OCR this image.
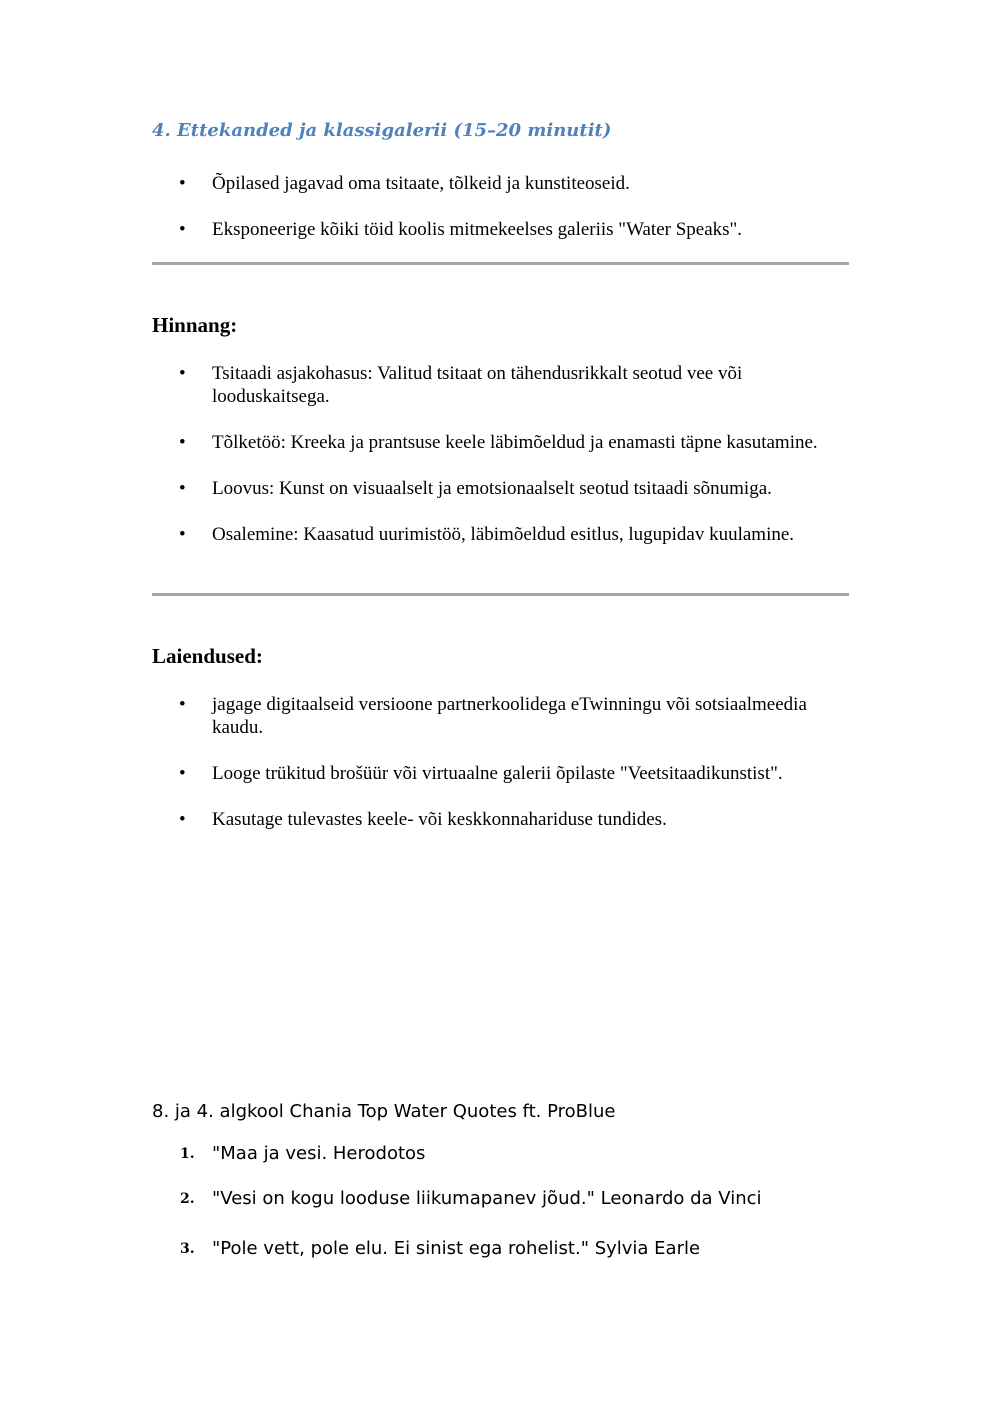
4. Ettekanded ja klassigalerii (15–20 minutit)
• Õpilased jagavad oma tsitaate, tõlkeid ja kunstiteoseid.
• Eksponeerige kõiki töid koolis mitmekeelses galeriis "Water Speaks".
Hinnang:
• Tsitaadi asjakohasus: Valitud tsitaat on tähendusrikkalt seotud vee või looduskaitsega.
• Tõlketöö: Kreeka ja prantsuse keele läbimõeldud ja enamasti täpne kasutamine.
• Loovus: Kunst on visuaalselt ja emotsionaalselt seotud tsitaadi sõnumiga.
• Osalemine: Kaasatud uurimistöö, läbimõeldud esitlus, lugupidav kuulamine.
Laiendused:
• jagage digitaalseid versioone partnerkoolidega eTwinningu või sotsiaalmeedia kaudu.
• Looge trükitud brošüür või virtuaalne galerii õpilaste "Veetsitaadikunstist".
• Kasutage tulevastes keele- või keskkonnahariduse tundides.

8. ja 4. algkool Chania Top Water Quotes ft. ProBlue

1. "Maa ja vesi. Herodotos
2. "Vesi on kogu looduse liikumapanev jõud." Leonardo da Vinci
3. "Pole vett, pole elu. Ei sinist ega rohelist." Sylvia Earle
